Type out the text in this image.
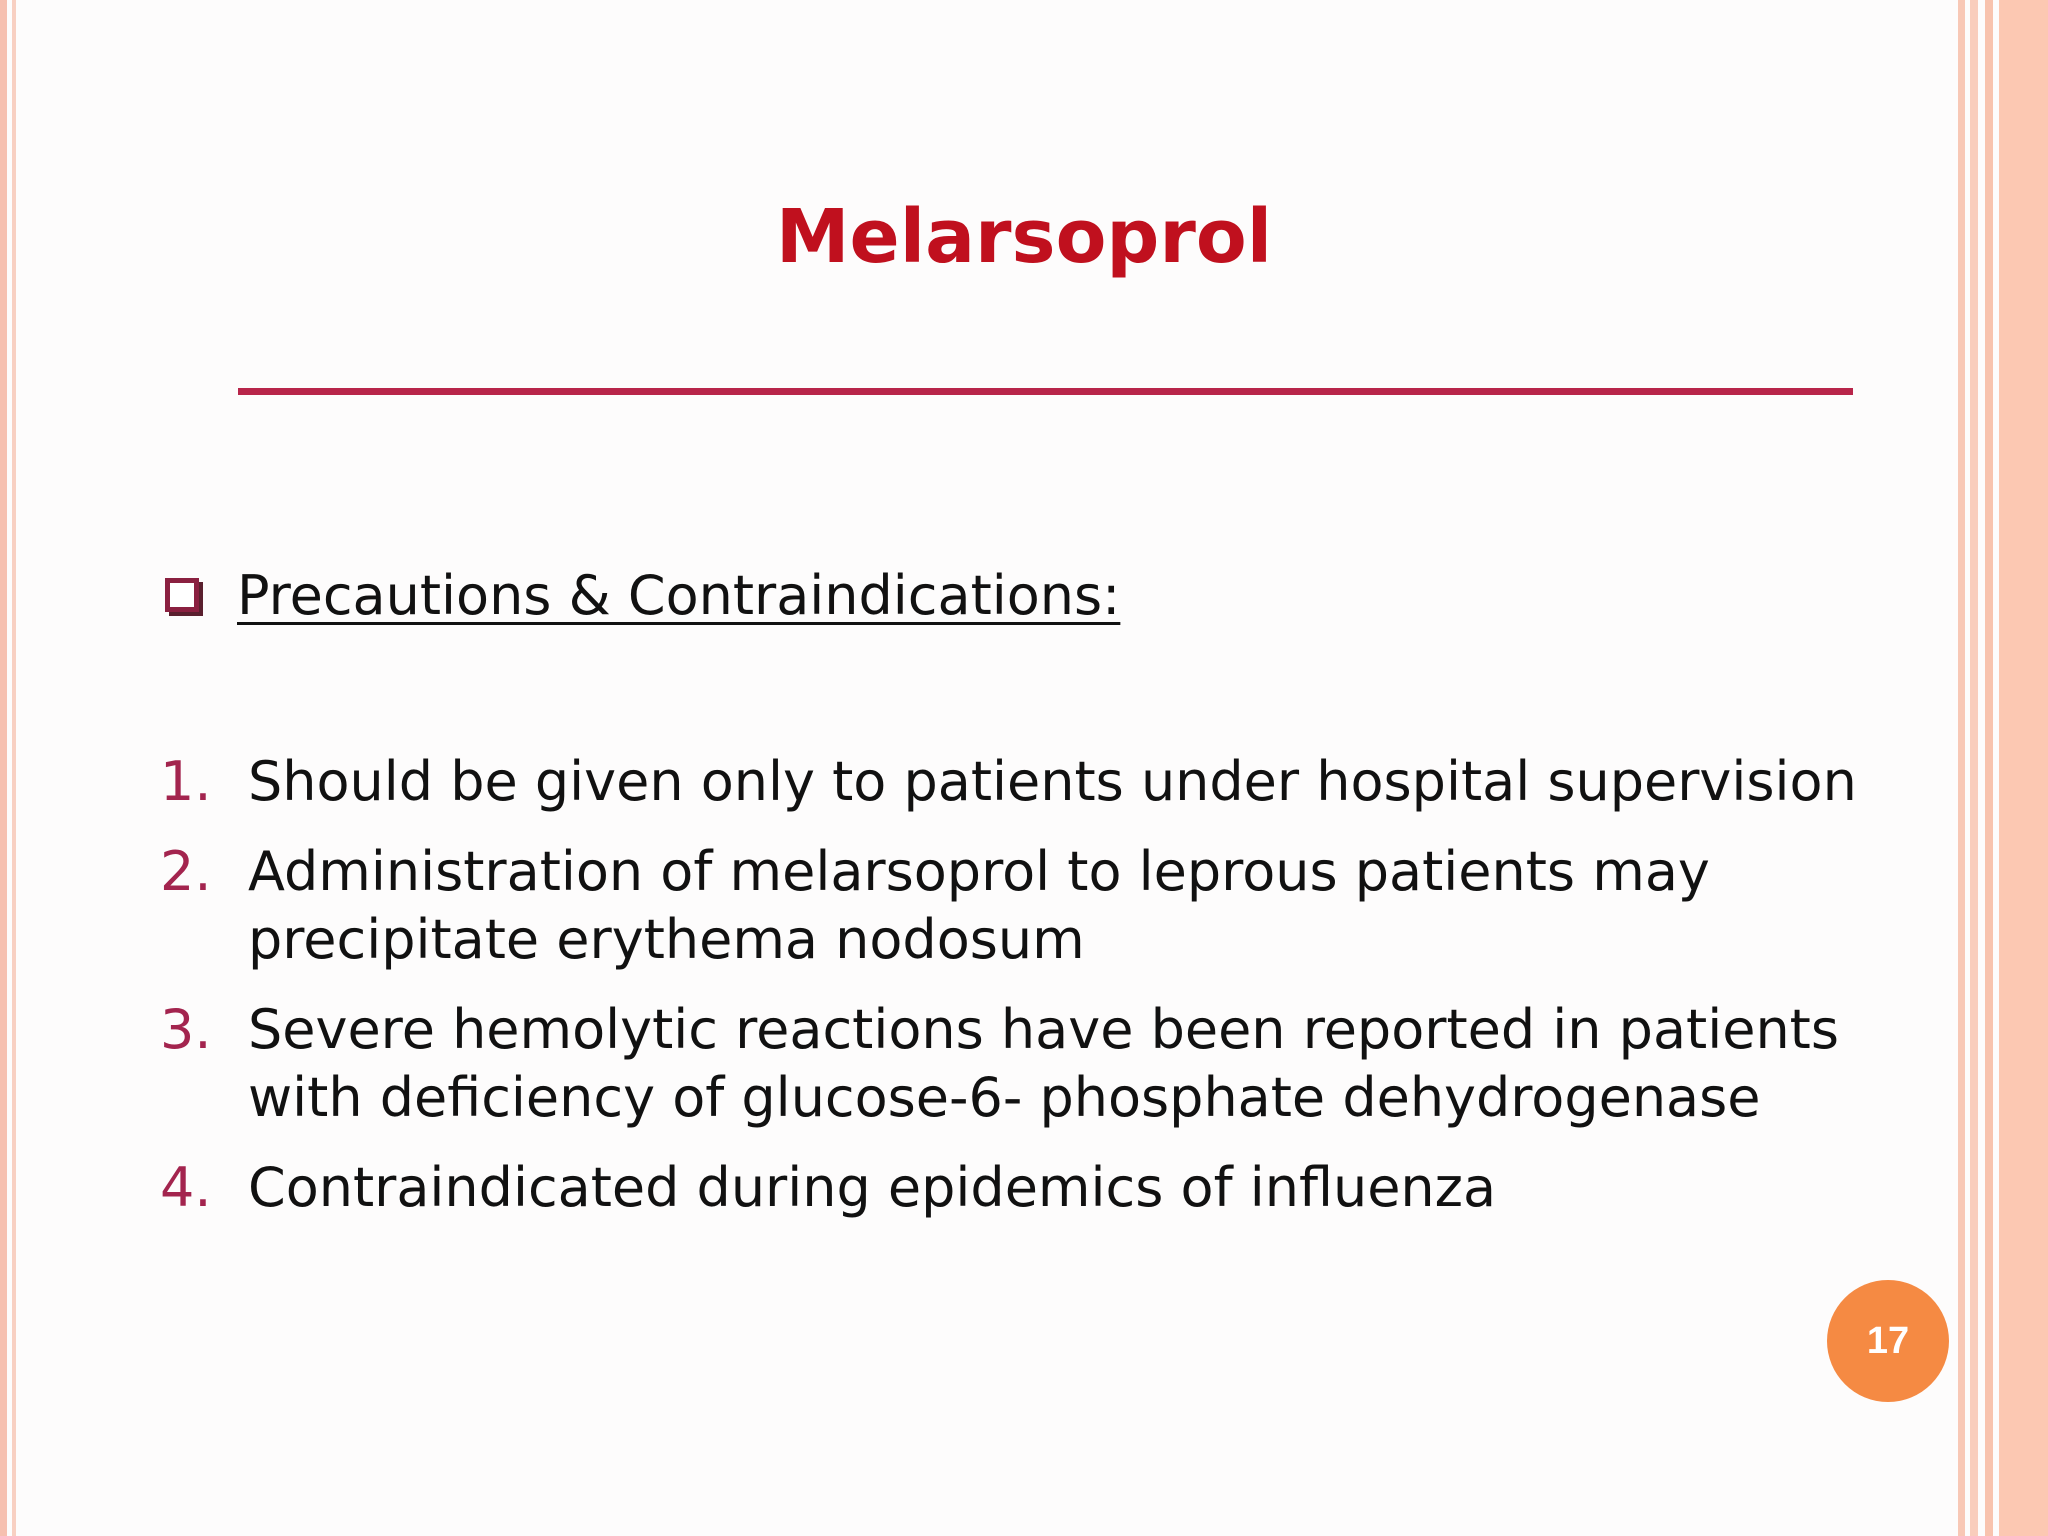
Melarsoprol
Precautions & Contraindications:
1. Should be given only to patients under hospital supervision
2. Administration of melarsoprol to leprous patients may precipitate erythema nodosum
3. Severe hemolytic reactions have been reported in patients with deficiency of glucose-6- phosphate dehydrogenase
4. Contraindicated during epidemics of influenza
17
